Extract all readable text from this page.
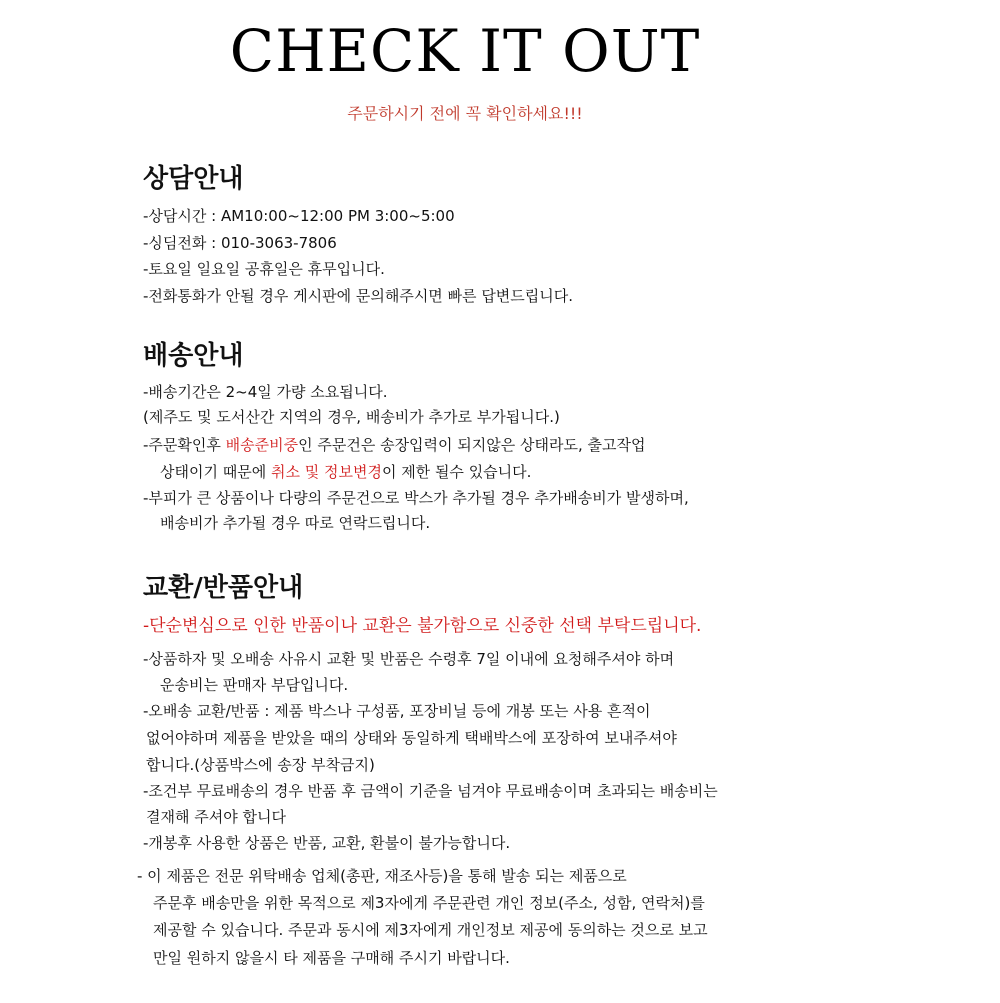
CHECK IT OUT
주문하시기 전에 꼭 확인하세요!!!
상담안내
-상담시간 : AM10:00~12:00 PM 3:00~5:00
-싱딤전화 : 010-3063-7806
-토요일 일요일 공휴일은 휴무입니다.
-전화통화가 안될 경우 게시판에 문의해주시면 빠른 답변드립니다.
배송안내
-배송기간은 2~4일 가량 소요됩니다.
(제주도 및 도서산간 지역의 경우, 배송비가 추가로 부가됩니다.)
-주문확인후 배송준비중인 주문건은 송장입력이 되지않은 상태라도, 출고작업
상태이기 때문에 취소 및 정보변경이 제한 될수 있습니다.
-부피가 큰 상품이나 다량의 주문건으로 박스가 추가될 경우 추가배송비가 발생하며,
배송비가 추가될 경우 따로 연락드립니다.
교환/반품안내
-단순변심으로 인한 반품이나 교환은 불가함으로 신중한 선택 부탁드립니다.
-상품하자 및 오배송 사유시 교환 및 반품은 수령후 7일 이내에 요청해주셔야 하며
운송비는 판매자 부담입니다.
-오배송 교환/반품 : 제품 박스나 구성품, 포장비닐 등에 개봉 또는 사용 흔적이
없어야하며 제품을 받았을 때의 상태와 동일하게 택배박스에 포장하여 보내주셔야
합니다.(상품박스에 송장 부착금지)
-조건부 무료배송의 경우 반품 후 금액이 기준을 넘겨야 무료배송이며 초과되는 배송비는
결재해 주셔야 합니다
-개봉후 사용한 상품은 반품, 교환, 환불이 불가능합니다.
- 이 제품은 전문 위탁배송 업체(총판, 재조사등)을 통해 발송 되는 제품으로
주문후 배송만을 위한 목적으로 제3자에게 주문관련 개인 정보(주소, 성함, 연락처)를
제공할 수 있습니다. 주문과 동시에 제3자에게 개인정보 제공에 동의하는 것으로 보고
만일 원하지 않을시 타 제품을 구매해 주시기 바랍니다.
